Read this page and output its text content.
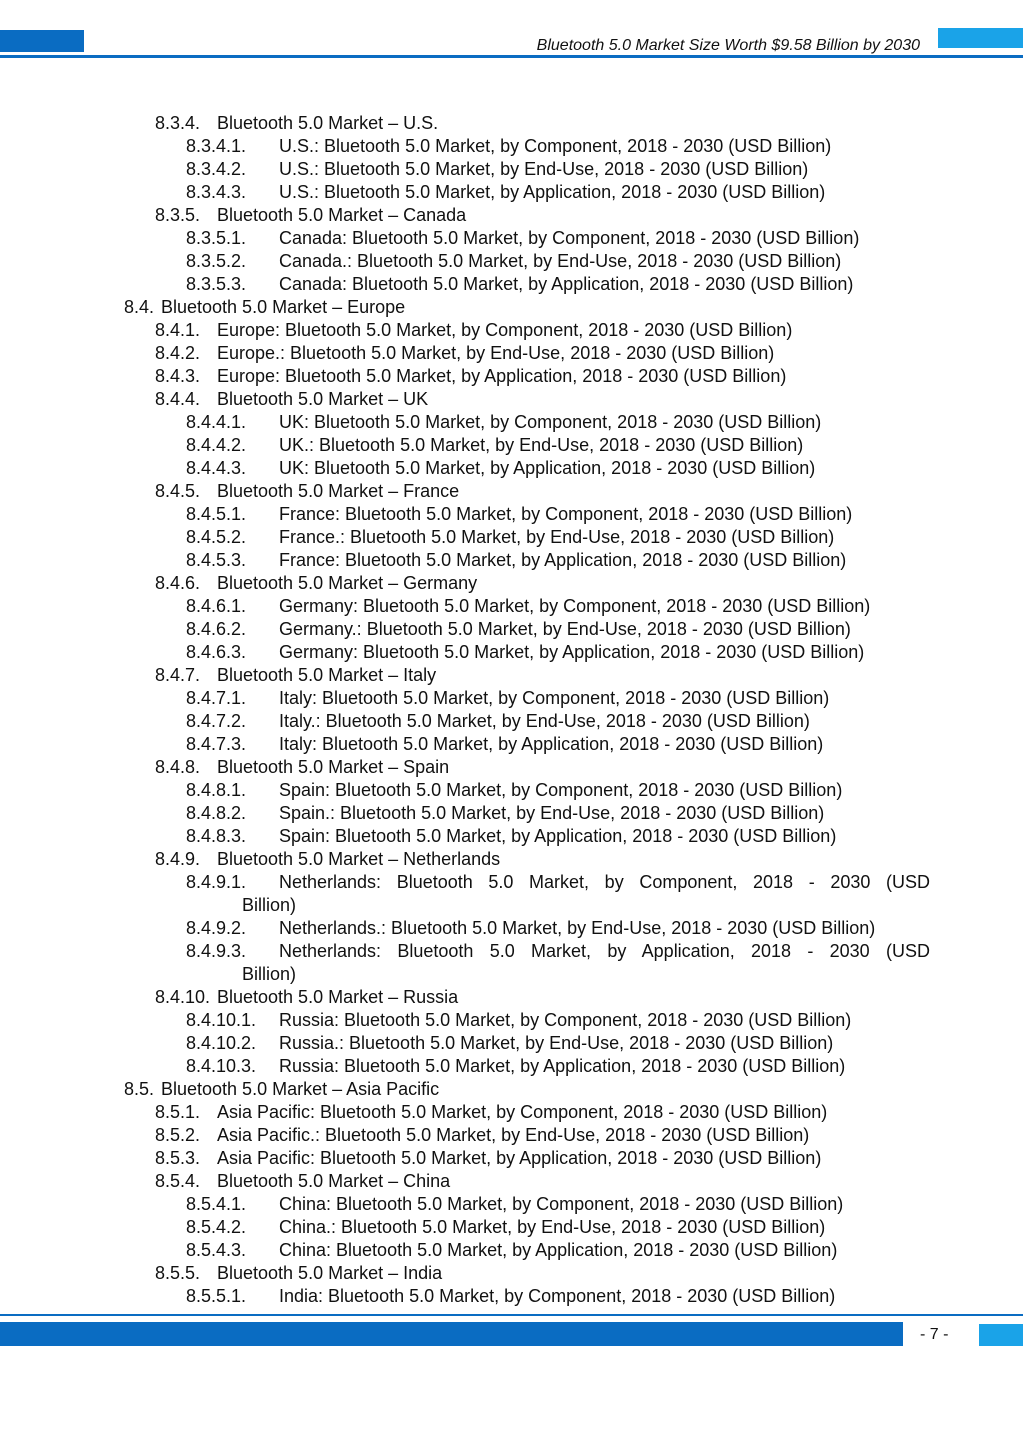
Bluetooth 5.0 Market Size Worth $9.58 Billion by 2030
8.3.4. Bluetooth 5.0 Market – U.S.
8.3.4.1. U.S.: Bluetooth 5.0 Market, by Component, 2018 - 2030 (USD Billion)
8.3.4.2. U.S.: Bluetooth 5.0 Market, by End-Use, 2018 - 2030 (USD Billion)
8.3.4.3. U.S.: Bluetooth 5.0 Market, by Application, 2018 - 2030 (USD Billion)
8.3.5. Bluetooth 5.0 Market – Canada
8.3.5.1. Canada: Bluetooth 5.0 Market, by Component, 2018 - 2030 (USD Billion)
8.3.5.2. Canada.: Bluetooth 5.0 Market, by End-Use, 2018 - 2030 (USD Billion)
8.3.5.3. Canada: Bluetooth 5.0 Market, by Application, 2018 - 2030 (USD Billion)
8.4. Bluetooth 5.0 Market – Europe
8.4.1. Europe: Bluetooth 5.0 Market, by Component, 2018 - 2030 (USD Billion)
8.4.2. Europe.: Bluetooth 5.0 Market, by End-Use, 2018 - 2030 (USD Billion)
8.4.3. Europe: Bluetooth 5.0 Market, by Application, 2018 - 2030 (USD Billion)
8.4.4. Bluetooth 5.0 Market – UK
8.4.4.1. UK: Bluetooth 5.0 Market, by Component, 2018 - 2030 (USD Billion)
8.4.4.2. UK.: Bluetooth 5.0 Market, by End-Use, 2018 - 2030 (USD Billion)
8.4.4.3. UK: Bluetooth 5.0 Market, by Application, 2018 - 2030 (USD Billion)
8.4.5. Bluetooth 5.0 Market – France
8.4.5.1. France: Bluetooth 5.0 Market, by Component, 2018 - 2030 (USD Billion)
8.4.5.2. France.: Bluetooth 5.0 Market, by End-Use, 2018 - 2030 (USD Billion)
8.4.5.3. France: Bluetooth 5.0 Market, by Application, 2018 - 2030 (USD Billion)
8.4.6. Bluetooth 5.0 Market – Germany
8.4.6.1. Germany: Bluetooth 5.0 Market, by Component, 2018 - 2030 (USD Billion)
8.4.6.2. Germany.: Bluetooth 5.0 Market, by End-Use, 2018 - 2030 (USD Billion)
8.4.6.3. Germany: Bluetooth 5.0 Market, by Application, 2018 - 2030 (USD Billion)
8.4.7. Bluetooth 5.0 Market – Italy
8.4.7.1. Italy: Bluetooth 5.0 Market, by Component, 2018 - 2030 (USD Billion)
8.4.7.2. Italy.: Bluetooth 5.0 Market, by End-Use, 2018 - 2030 (USD Billion)
8.4.7.3. Italy: Bluetooth 5.0 Market, by Application, 2018 - 2030 (USD Billion)
8.4.8. Bluetooth 5.0 Market – Spain
8.4.8.1. Spain: Bluetooth 5.0 Market, by Component, 2018 - 2030 (USD Billion)
8.4.8.2. Spain.: Bluetooth 5.0 Market, by End-Use, 2018 - 2030 (USD Billion)
8.4.8.3. Spain: Bluetooth 5.0 Market, by Application, 2018 - 2030 (USD Billion)
8.4.9. Bluetooth 5.0 Market – Netherlands
8.4.9.1. Netherlands: Bluetooth 5.0 Market, by Component, 2018 - 2030 (USD
Billion)
8.4.9.2. Netherlands.: Bluetooth 5.0 Market, by End-Use, 2018 - 2030 (USD Billion)
8.4.9.3. Netherlands: Bluetooth 5.0 Market, by Application, 2018 - 2030 (USD
Billion)
8.4.10. Bluetooth 5.0 Market – Russia
8.4.10.1. Russia: Bluetooth 5.0 Market, by Component, 2018 - 2030 (USD Billion)
8.4.10.2. Russia.: Bluetooth 5.0 Market, by End-Use, 2018 - 2030 (USD Billion)
8.4.10.3. Russia: Bluetooth 5.0 Market, by Application, 2018 - 2030 (USD Billion)
8.5. Bluetooth 5.0 Market – Asia Pacific
8.5.1. Asia Pacific: Bluetooth 5.0 Market, by Component, 2018 - 2030 (USD Billion)
8.5.2. Asia Pacific.: Bluetooth 5.0 Market, by End-Use, 2018 - 2030 (USD Billion)
8.5.3. Asia Pacific: Bluetooth 5.0 Market, by Application, 2018 - 2030 (USD Billion)
8.5.4. Bluetooth 5.0 Market – China
8.5.4.1. China: Bluetooth 5.0 Market, by Component, 2018 - 2030 (USD Billion)
8.5.4.2. China.: Bluetooth 5.0 Market, by End-Use, 2018 - 2030 (USD Billion)
8.5.4.3. China: Bluetooth 5.0 Market, by Application, 2018 - 2030 (USD Billion)
8.5.5. Bluetooth 5.0 Market – India
8.5.5.1. India: Bluetooth 5.0 Market, by Component, 2018 - 2030 (USD Billion)
- 7 -
